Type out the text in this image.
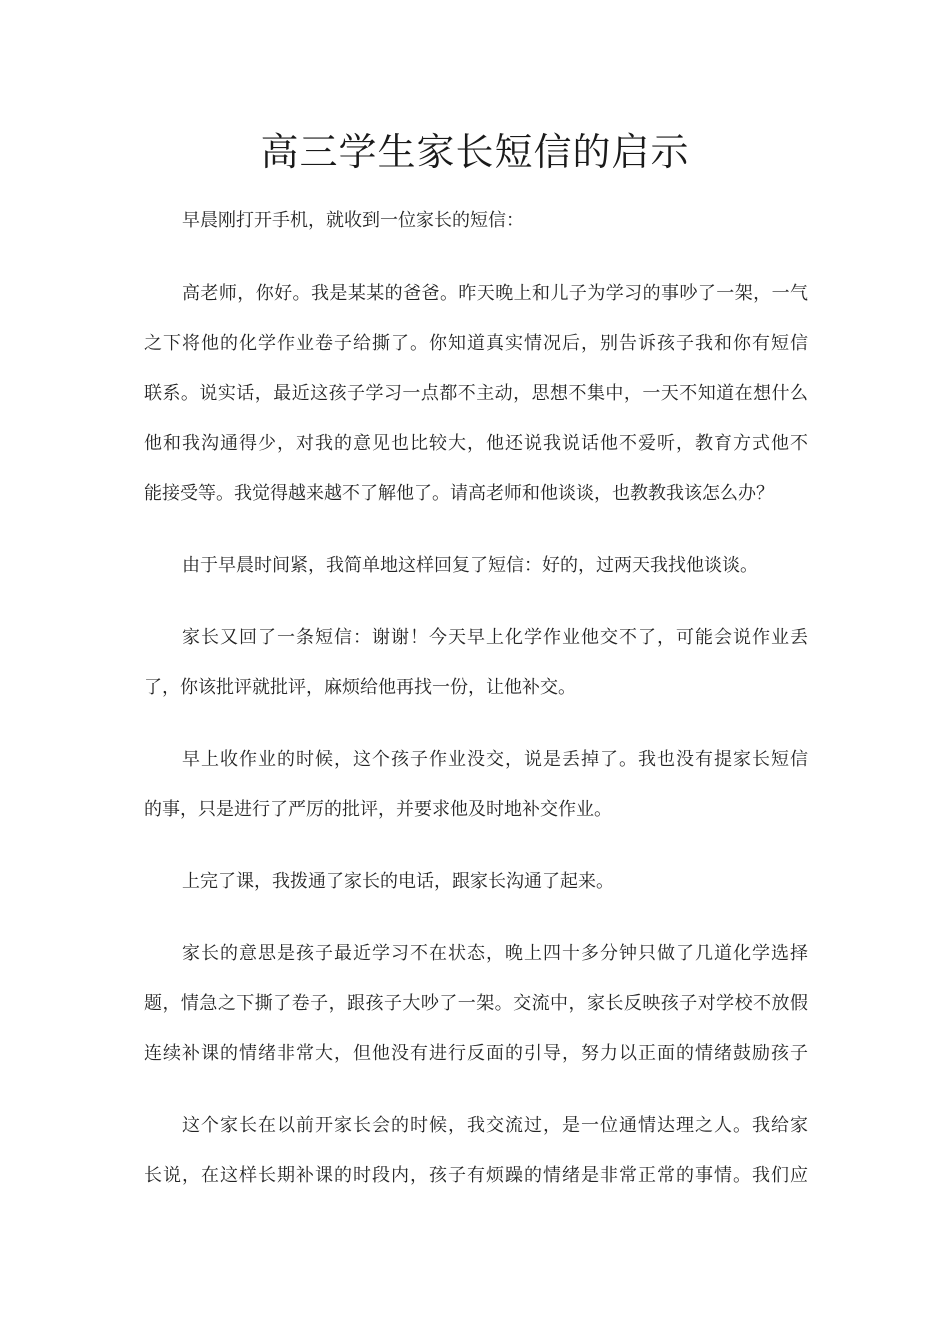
高三学生家长短信的启示

早晨刚打开手机，就收到一位家长的短信：

高老师，你好。我是某某的爸爸。昨天晚上和儿子为学习的事吵了一架，一气

之下将他的化学作业卷子给撕了。你知道真实情况后，别告诉孩子我和你有短信

联系。说实话，最近这孩子学习一点都不主动，思想不集中，一天不知道在想什么

他和我沟通得少，对我的意见也比较大，他还说我说话他不爱听，教育方式他不

能接受等。我觉得越来越不了解他了。请高老师和他谈谈，也教教我该怎么办？

由于早晨时间紧，我简单地这样回复了短信：好的，过两天我找他谈谈。

家长又回了一条短信：谢谢！今天早上化学作业他交不了，可能会说作业丢

了，你该批评就批评，麻烦给他再找一份，让他补交。

早上收作业的时候，这个孩子作业没交，说是丢掉了。我也没有提家长短信

的事，只是进行了严厉的批评，并要求他及时地补交作业。

上完了课，我拨通了家长的电话，跟家长沟通了起来。

家长的意思是孩子最近学习不在状态，晚上四十多分钟只做了几道化学选择

题，情急之下撕了卷子，跟孩子大吵了一架。交流中，家长反映孩子对学校不放假

连续补课的情绪非常大，但他没有进行反面的引导，努力以正面的情绪鼓励孩子

这个家长在以前开家长会的时候，我交流过，是一位通情达理之人。我给家

长说，在这样长期补课的时段内，孩子有烦躁的情绪是非常正常的事情。我们应
